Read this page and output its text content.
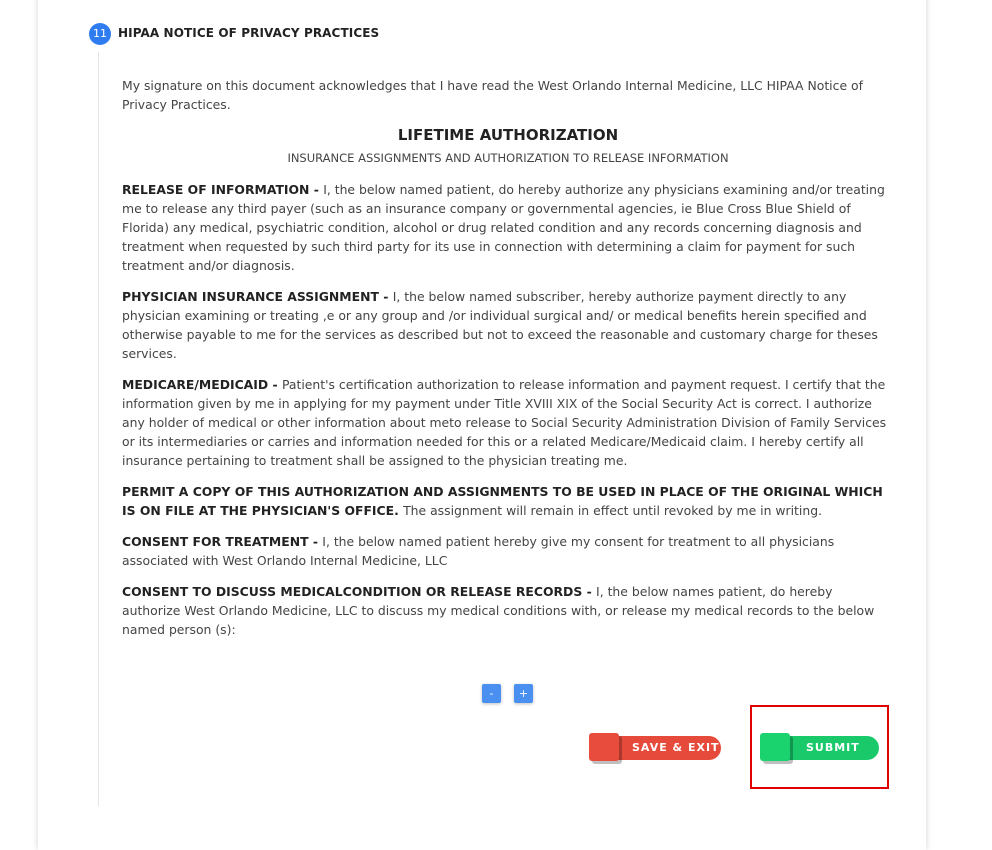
11 HIPAA NOTICE OF PRIVACY PRACTICES

My signature on this document acknowledges that I have read the West Orlando Internal Medicine, LLC HIPAA Notice of Privacy Practices.

LIFETIME AUTHORIZATION
INSURANCE ASSIGNMENTS AND AUTHORIZATION TO RELEASE INFORMATION

RELEASE OF INFORMATION - I, the below named patient, do hereby authorize any physicians examining and/or treating me to release any third payer (such as an insurance company or governmental agencies, ie Blue Cross Blue Shield of Florida) any medical, psychiatric condition, alcohol or drug related condition and any records concerning diagnosis and treatment when requested by such third party for its use in connection with determining a claim for payment for such treatment and/or diagnosis.

PHYSICIAN INSURANCE ASSIGNMENT - I, the below named subscriber, hereby authorize payment directly to any physician examining or treating ,e or any group and /or individual surgical and/ or medical benefits herein specified and otherwise payable to me for the services as described but not to exceed the reasonable and customary charge for theses services.

MEDICARE/MEDICAID - Patient's certification authorization to release information and payment request. I certify that the information given by me in applying for my payment under Title XVIII XIX of the Social Security Act is correct. I authorize any holder of medical or other information about meto release to Social Security Administration Division of Family Services or its intermediaries or carries and information needed for this or a related Medicare/Medicaid claim. I hereby certify all insurance pertaining to treatment shall be assigned to the physician treating me.

PERMIT A COPY OF THIS AUTHORIZATION AND ASSIGNMENTS TO BE USED IN PLACE OF THE ORIGINAL WHICH IS ON FILE AT THE PHYSICIAN'S OFFICE. The assignment will remain in effect until revoked by me in writing.

CONSENT FOR TREATMENT - I, the below named patient hereby give my consent for treatment to all physicians associated with West Orlando Internal Medicine, LLC

CONSENT TO DISCUSS MEDICALCONDITION OR RELEASE RECORDS - I, the below names patient, do hereby authorize West Orlando Medicine, LLC to discuss my medical conditions with, or release my medical records to the below named person (s):

-	+
SAVE & EXIT	SUBMIT
